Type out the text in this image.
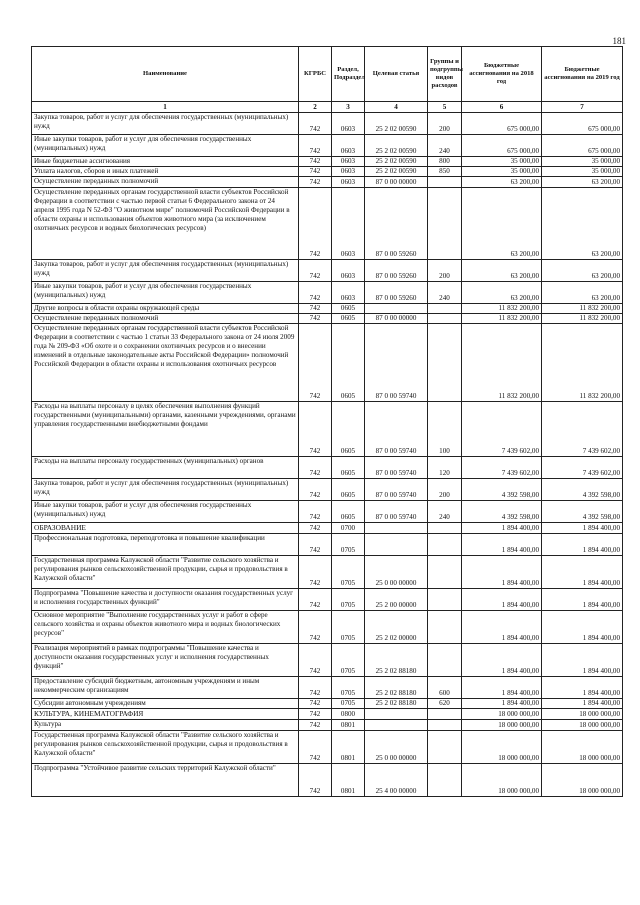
181
Наименование	КГРБС	Раздел, Подраздел	Целевая статья	Группы и подгруппы видов расходов	Бюджетные ассигнования на 2018 год	Бюджетные ассигнования на 2019 год
1	2	3	4	5	6	7
Закупка товаров, работ и услуг для обеспечения государственных (муниципальных) нужд	742	0603	25 2 02 00590	200	675 000,00	675 000,00
Иные закупки товаров, работ и услуг для обеспечения государственных (муниципальных) нужд	742	0603	25 2 02 00590	240	675 000,00	675 000,00
Иные бюджетные ассигнования	742	0603	25 2 02 00590	800	35 000,00	35 000,00
Уплата налогов, сборов и иных платежей	742	0603	25 2 02 00590	850	35 000,00	35 000,00
Осуществление переданных полномочий	742	0603	87 0 00 00000		63 200,00	63 200,00
Осуществление переданных органам государственной власти субъектов Российской Федерации в соответствии с частью первой статьи 6 Федерального закона от 24 апреля 1995 года N 52-ФЗ "О животном мире" полномочий Российской Федерации в области охраны и использования объектов животного мира (за исключением охотничьих ресурсов и водных биологических ресурсов)	742	0603	87 0 00 59260		63 200,00	63 200,00
Закупка товаров, работ и услуг для обеспечения государственных (муниципальных) нужд	742	0603	87 0 00 59260	200	63 200,00	63 200,00
Иные закупки товаров, работ и услуг для обеспечения государственных (муниципальных) нужд	742	0603	87 0 00 59260	240	63 200,00	63 200,00
Другие вопросы в области охраны окружающей среды	742	0605			11 832 200,00	11 832 200,00
Осуществление переданных полномочий	742	0605	87 0 00 00000		11 832 200,00	11 832 200,00
Осуществление переданных органам государственной власти субъектов Российской Федерации в соответствии с частью 1 статьи 33 Федерального закона от 24 июля 2009 года № 209-ФЗ «Об охоте и о сохранении охотничьих ресурсов и о внесении изменений в отдельные законодательные акты Российской Федерации» полномочий Российской Федерации в области охраны и использования охотничьих ресурсов	742	0605	87 0 00 59740		11 832 200,00	11 832 200,00
Расходы на выплаты персоналу в целях обеспечения выполнения функций государственными (муниципальными) органами, казенными учреждениями, органами управления государственными внебюджетными фондами	742	0605	87 0 00 59740	100	7 439 602,00	7 439 602,00
Расходы на выплаты персоналу государственных (муниципальных) органов	742	0605	87 0 00 59740	120	7 439 602,00	7 439 602,00
Закупка товаров, работ и услуг для обеспечения государственных (муниципальных) нужд	742	0605	87 0 00 59740	200	4 392 598,00	4 392 598,00
Иные закупки товаров, работ и услуг для обеспечения государственных (муниципальных) нужд	742	0605	87 0 00 59740	240	4 392 598,00	4 392 598,00
ОБРАЗОВАНИЕ	742	0700			1 894 400,00	1 894 400,00
Профессиональная подготовка, переподготовка и повышение квалификации	742	0705			1 894 400,00	1 894 400,00
Государственная программа Калужской области "Развитие сельского хозяйства и регулирования рынков сельскохозяйственной продукции, сырья и продовольствия в Калужской области"	742	0705	25 0 00 00000		1 894 400,00	1 894 400,00
Подпрограмма "Повышение качества и доступности оказания государственных услуг и исполнения государственных функций"	742	0705	25 2 00 00000		1 894 400,00	1 894 400,00
Основное мероприятие "Выполнение государственных услуг и работ в сфере сельского хозяйства и охраны объектов животного мира и водных биологических ресурсов"	742	0705	25 2 02 00000		1 894 400,00	1 894 400,00
Реализация мероприятий в рамках подпрограммы "Повышение качества и доступности оказания государственных услуг и исполнения государственных функций"	742	0705	25 2 02 88180		1 894 400,00	1 894 400,00
Предоставление субсидий бюджетным, автономным учреждениям и иным некоммерческим организациям	742	0705	25 2 02 88180	600	1 894 400,00	1 894 400,00
Субсидии автономным учреждениям	742	0705	25 2 02 88180	620	1 894 400,00	1 894 400,00
КУЛЬТУРА, КИНЕМАТОГРАФИЯ	742	0800			18 000 000,00	18 000 000,00
Культура	742	0801			18 000 000,00	18 000 000,00
Государственная программа Калужской области "Развитие сельского хозяйства и регулирования рынков сельскохозяйственной продукции, сырья и продовольствия в Калужской области"	742	0801	25 0 00 00000		18 000 000,00	18 000 000,00
Подпрограмма "Устойчивое развитие сельских территорий Калужской области"	742	0801	25 4 00 00000		18 000 000,00	18 000 000,00
